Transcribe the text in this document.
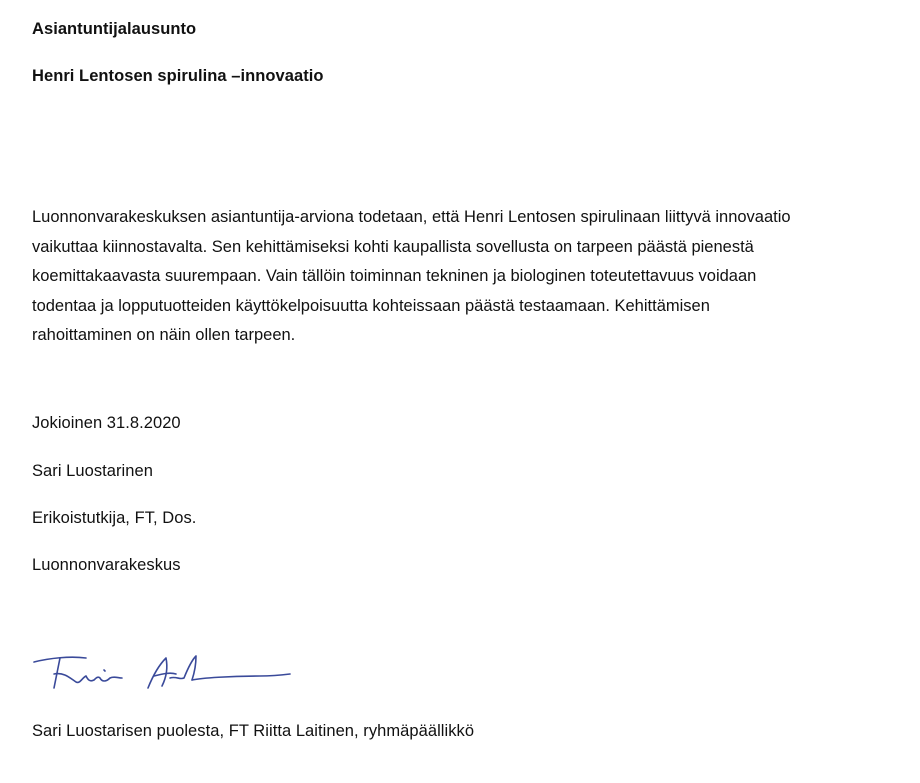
Asiantuntijalausunto
Henri Lentosen spirulina –innovaatio
Luonnonvarakeskuksen asiantuntija-arviona todetaan, että Henri Lentosen spirulinaan liittyvä innovaatio
vaikuttaa kiinnostavalta. Sen kehittämiseksi kohti kaupallista sovellusta on tarpeen päästä pienestä
koemittakaavasta suurempaan. Vain tällöin toiminnan tekninen ja biologinen toteutettavuus voidaan
todentaa ja lopputuotteiden käyttökelpoisuutta kohteissaan päästä testaamaan. Kehittämisen
rahoittaminen on näin ollen tarpeen.
Jokioinen 31.8.2020
Sari Luostarinen
Erikoistutkija, FT, Dos.
Luonnonvarakeskus
Sari Luostarisen puolesta, FT Riitta Laitinen, ryhmäpäällikkö
